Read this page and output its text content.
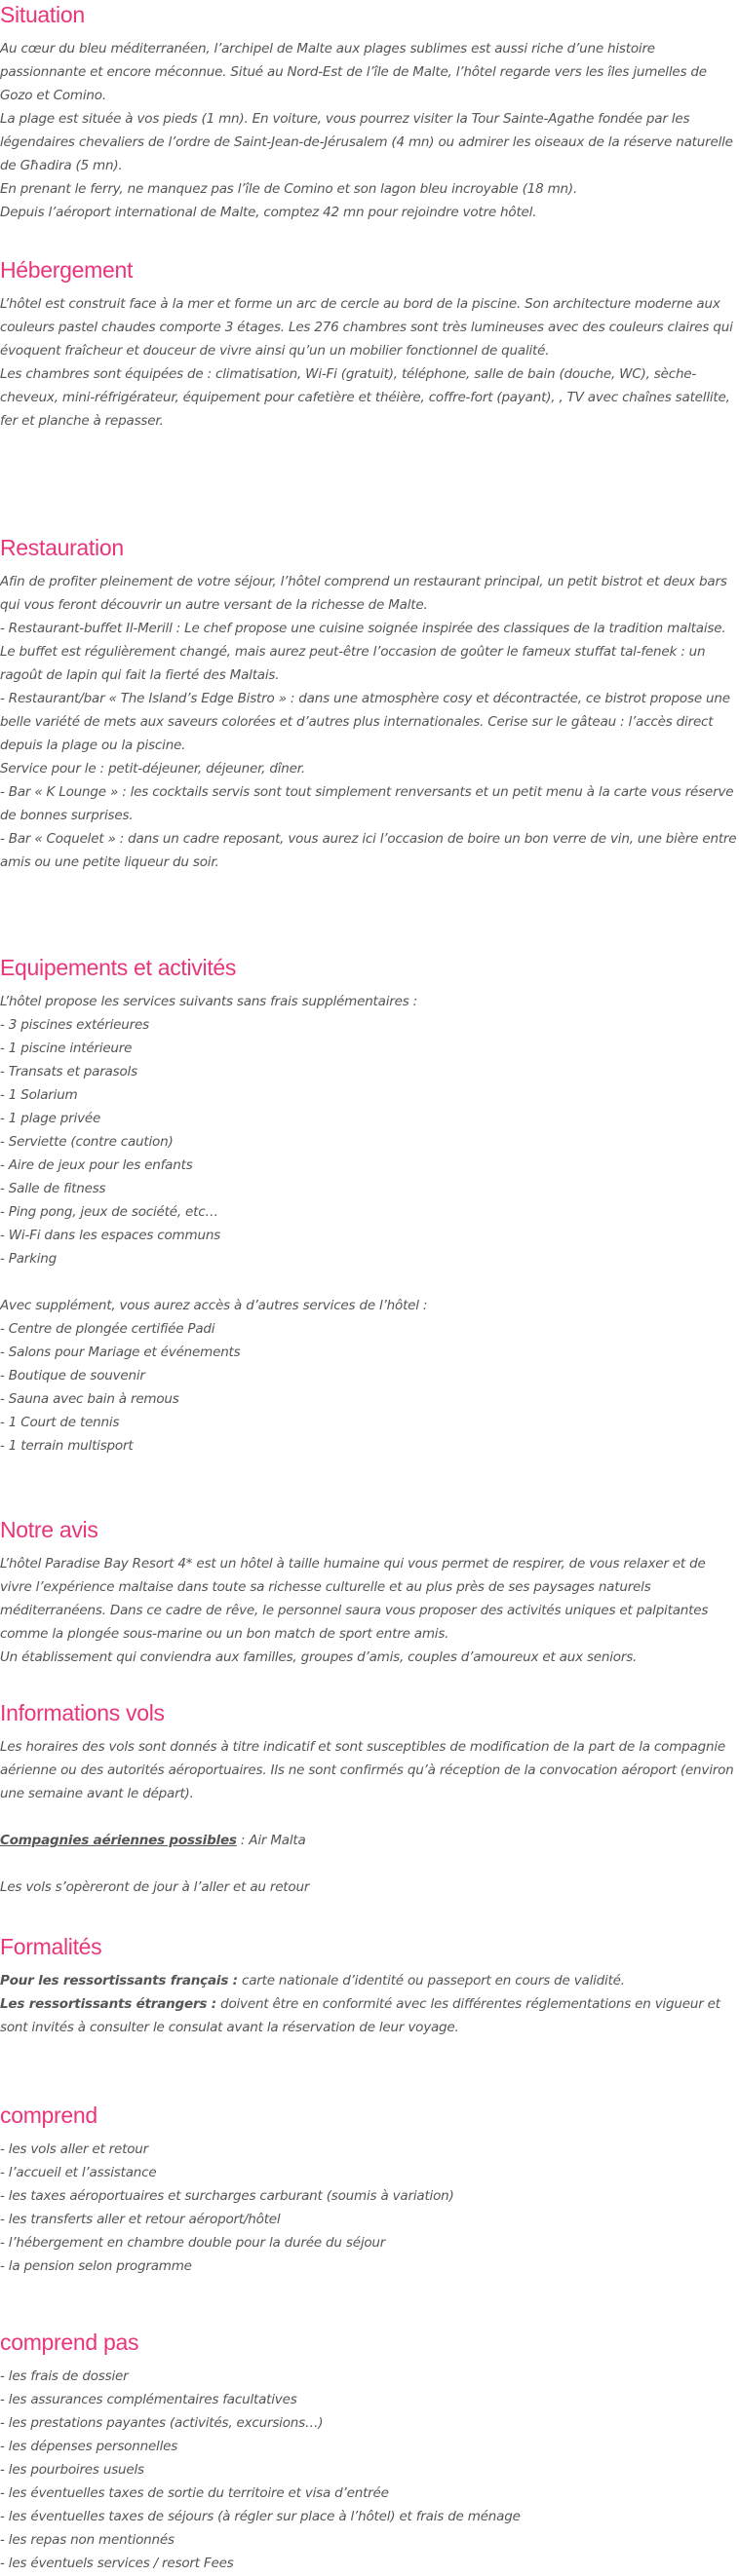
Situation
Au cœur du bleu méditerranéen, l’archipel de Malte aux plages sublimes est aussi riche d’une histoire passionnante et encore méconnue. Situé au Nord-Est de l’île de Malte, l’hôtel regarde vers les îles jumelles de Gozo et Comino.
La plage est située à vos pieds (1 mn). En voiture, vous pourrez visiter la Tour Sainte-Agathe fondée par les légendaires chevaliers de l’ordre de Saint-Jean-de-Jérusalem (4 mn) ou admirer les oiseaux de la réserve naturelle de Għadira (5 mn).
En prenant le ferry, ne manquez pas l’île de Comino et son lagon bleu incroyable (18 mn).
Depuis l’aéroport international de Malte, comptez 42 mn pour rejoindre votre hôtel.
Hébergement
L’hôtel est construit face à la mer et forme un arc de cercle au bord de la piscine. Son architecture moderne aux couleurs pastel chaudes comporte 3 étages. Les 276 chambres sont très lumineuses avec des couleurs claires qui évoquent fraîcheur et douceur de vivre ainsi qu’un un mobilier fonctionnel de qualité.
Les chambres sont équipées de : climatisation, Wi-Fi (gratuit), téléphone, salle de bain (douche, WC), sèche-cheveux, mini-réfrigérateur, équipement pour cafetière et théière, coffre-fort (payant), , TV avec chaînes satellite, fer et planche à repasser.
Restauration
Afin de profiter pleinement de votre séjour, l’hôtel comprend un restaurant principal, un petit bistrot et deux bars qui vous feront découvrir un autre versant de la richesse de Malte.
- Restaurant-buffet Il-Merill : Le chef propose une cuisine soignée inspirée des classiques de la tradition maltaise. Le buffet est régulièrement changé, mais aurez peut-être l’occasion de goûter le fameux stuffat tal-fenek : un ragoût de lapin qui fait la fierté des Maltais.
- Restaurant/bar « The Island’s Edge Bistro » : dans une atmosphère cosy et décontractée, ce bistrot propose une belle variété de mets aux saveurs colorées et d’autres plus internationales. Cerise sur le gâteau : l’accès direct depuis la plage ou la piscine.
Service pour le : petit-déjeuner, déjeuner, dîner.
- Bar « K Lounge » : les cocktails servis sont tout simplement renversants et un petit menu à la carte vous réserve de bonnes surprises.
- Bar « Coquelet » : dans un cadre reposant, vous aurez ici l’occasion de boire un bon verre de vin, une bière entre amis ou une petite liqueur du soir.
Equipements et activités
L’hôtel propose les services suivants sans frais supplémentaires :
- 3 piscines extérieures
- 1 piscine intérieure
- Transats et parasols
- 1 Solarium
- 1 plage privée
- Serviette (contre caution)
- Aire de jeux pour les enfants
- Salle de fitness
- Ping pong, jeux de société, etc…
- Wi-Fi dans les espaces communs
- Parking
Avec supplément, vous aurez accès à d’autres services de l’hôtel :
- Centre de plongée certifiée Padi
- Salons pour Mariage et événements
- Boutique de souvenir
- Sauna avec bain à remous
- 1 Court de tennis
- 1 terrain multisport
Notre avis
L’hôtel Paradise Bay Resort 4* est un hôtel à taille humaine qui vous permet de respirer, de vous relaxer et de vivre l’expérience maltaise dans toute sa richesse culturelle et au plus près de ses paysages naturels méditerranéens. Dans ce cadre de rêve, le personnel saura vous proposer des activités uniques et palpitantes comme la plongée sous-marine ou un bon match de sport entre amis.
Un établissement qui conviendra aux familles, groupes d’amis, couples d’amoureux et aux seniors.
Informations vols
Les horaires des vols sont donnés à titre indicatif et sont susceptibles de modification de la part de la compagnie aérienne ou des autorités aéroportuaires. Ils ne sont confirmés qu’à réception de la convocation aéroport (environ une semaine avant le départ).
Compagnies aériennes possibles : Air Malta
Les vols s’opèreront de jour à l’aller et au retour
Formalités
Pour les ressortissants français : carte nationale d’identité ou passeport en cours de validité.
Les ressortissants étrangers : doivent être en conformité avec les différentes réglementations en vigueur et sont invités à consulter le consulat avant la réservation de leur voyage.
comprend
- les vols aller et retour
- l’accueil et l’assistance
- les taxes aéroportuaires et surcharges carburant (soumis à variation)
- les transferts aller et retour aéroport/hôtel
- l’hébergement en chambre double pour la durée du séjour
- la pension selon programme
comprend pas
- les frais de dossier
- les assurances complémentaires facultatives
- les prestations payantes (activités, excursions…)
- les dépenses personnelles
- les pourboires usuels
- les éventuelles taxes de sortie du territoire et visa d’entrée
- les éventuelles taxes de séjours (à régler sur place à l’hôtel) et frais de ménage
- les repas non mentionnés
- les éventuels services / resort Fees
